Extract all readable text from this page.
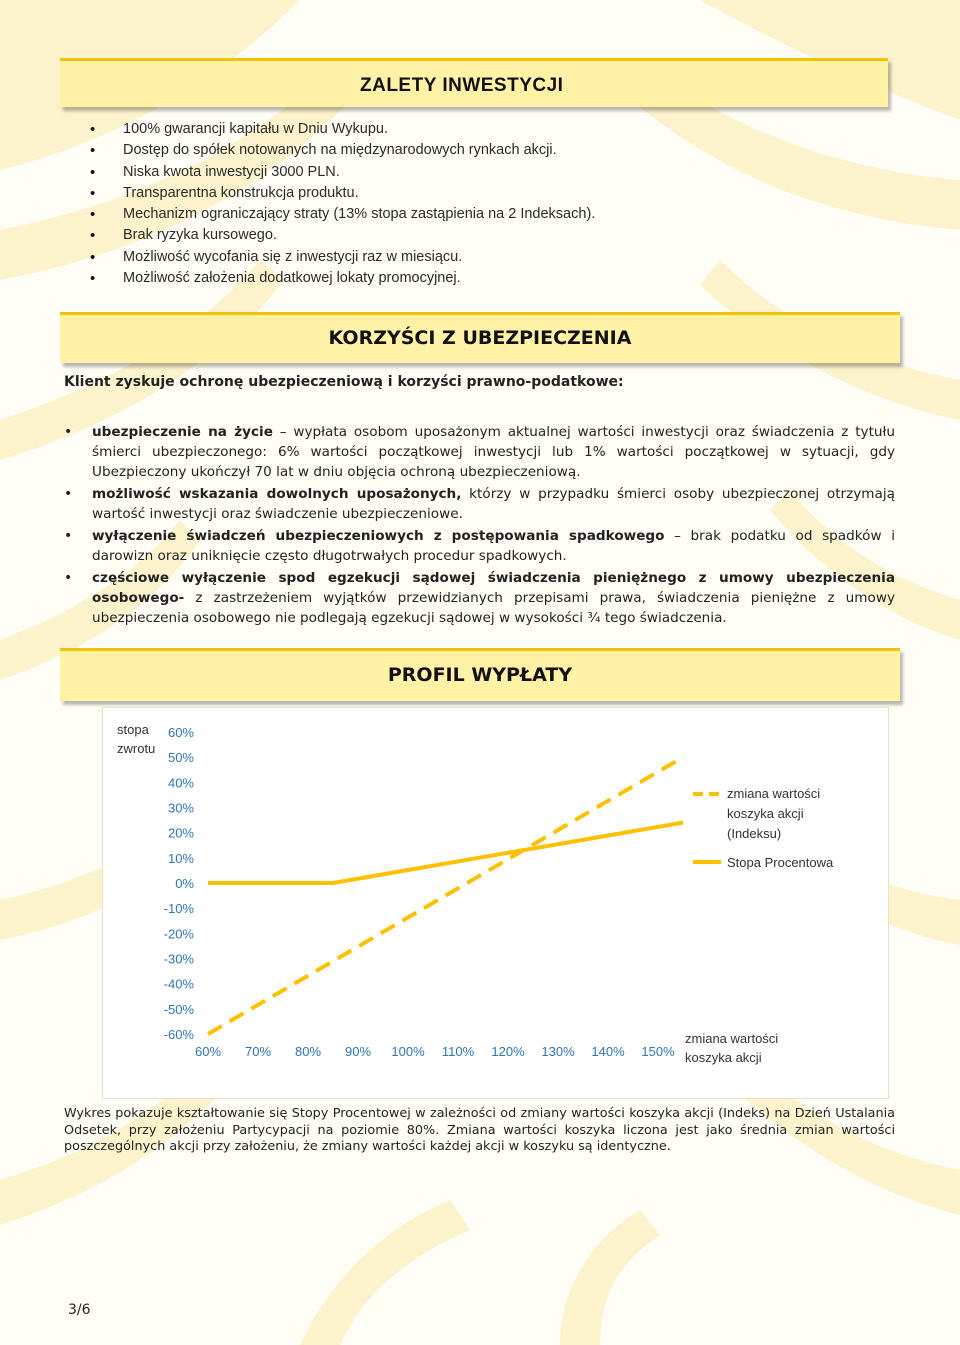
ZALETY INWESTYCJI
• 100% gwarancji kapitału w Dniu Wykupu.
• Dostęp do spółek notowanych na międzynarodowych rynkach akcji.
• Niska kwota inwestycji 3000 PLN.
• Transparentna konstrukcja produktu.
• Mechanizm ograniczający straty (13% stopa zastąpienia na 2 Indeksach).
• Brak ryzyka kursowego.
• Możliwość wycofania się z inwestycji raz w miesiącu.
• Możliwość założenia dodatkowej lokaty promocyjnej.
KORZYŚCI Z UBEZPIECZENIA
Klient zyskuje ochronę ubezpieczeniową i korzyści prawno-podatkowe:
• ubezpieczenie na życie – wypłata osobom uposażonym aktualnej wartości inwestycji oraz świadczenia z tytułu śmierci ubezpieczonego: 6% wartości początkowej inwestycji lub 1% wartości początkowej w sytuacji, gdy Ubezpieczony ukończył 70 lat w dniu objęcia ochroną ubezpieczeniową.
• możliwość wskazania dowolnych uposażonych, którzy w przypadku śmierci osoby ubezpieczonej otrzymają wartość inwestycji oraz świadczenie ubezpieczeniowe.
• wyłączenie świadczeń ubezpieczeniowych z postępowania spadkowego – brak podatku od spadków i darowizn oraz uniknięcie często długotrwałych procedur spadkowych.
• częściowe wyłączenie spod egzekucji sądowej świadczenia pieniężnego z umowy ubezpieczenia osobowego- z zastrzeżeniem wyjątków przewidzianych przepisami prawa, świadczenia pieniężne z umowy ubezpieczenia osobowego nie podlegają egzekucji sądowej w wysokości ¾ tego świadczenia.
PROFIL WYPŁATY
stopa
zwrotu
60%
50%
40%
30%
20%
10%
0%
-10%
-20%
-30%
-40%
-50%
-60%
60% 70% 80% 90% 100% 110% 120% 130% 140% 150%
zmiana wartości
koszyka akcji
(Indeksu)
Stopa Procentowa
zmiana wartości
koszyka akcji
Wykres pokazuje kształtowanie się Stopy Procentowej w zależności od zmiany wartości koszyka akcji (Indeks) na Dzień Ustalania Odsetek, przy założeniu Partycypacji na poziomie 80%. Zmiana wartości koszyka liczona jest jako średnia zmian wartości poszczególnych akcji przy założeniu, że zmiany wartości każdej akcji w koszyku są identyczne.
3/6
